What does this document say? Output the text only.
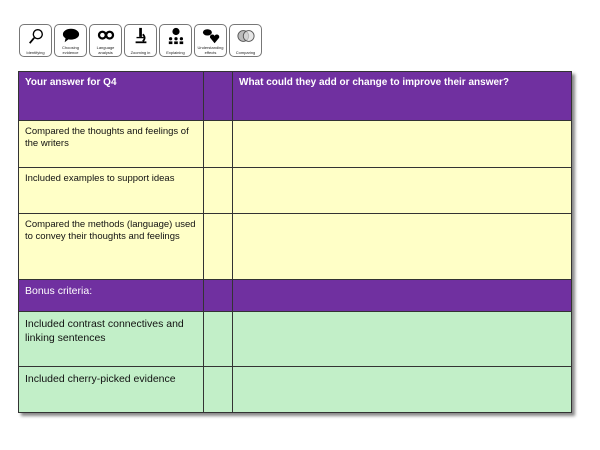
Identifying
Choosing evidence
Language analysis	Zooming in	Explaining
Understanding effects	Comparing
Your answer for Q4		What could they add or change to improve their answer?
Compared the thoughts and feelings of the writers		
Included examples to support ideas		
Compared the methods (language) used to convey their thoughts and feelings		
Bonus criteria:		
Included contrast connectives and linking sentences		
Included cherry-picked evidence		
